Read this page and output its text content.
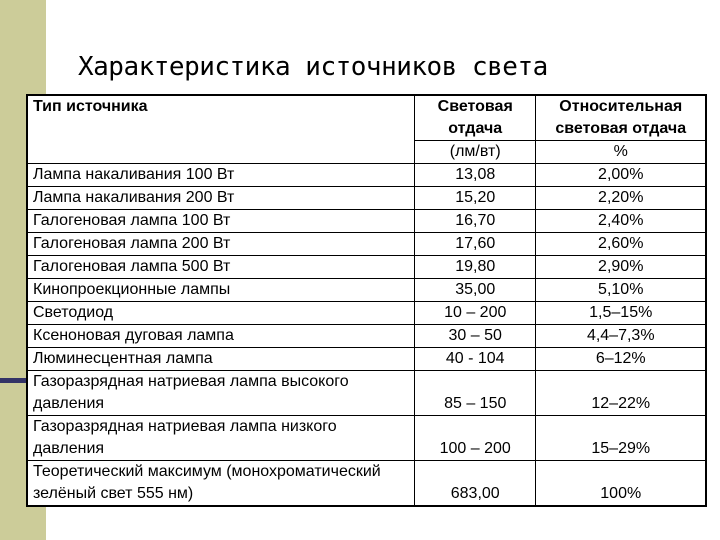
Характеристика источников света
Тип источника	Световая отдача	Относительная световая отдача
	(лм/вт)	%
Лампа накаливания 100 Вт	13,08	2,00%
Лампа накаливания 200 Вт	15,20	2,20%
Галогеновая лампа 100 Вт	16,70	2,40%
Галогеновая лампа 200 Вт	17,60	2,60%
Галогеновая лампа 500 Вт	19,80	2,90%
Кинопроекционные лампы	35,00	5,10%
Светодиод	10 – 200	1,5–15%
Ксеноновая дуговая лампа	30 – 50	4,4–7,3%
Люминесцентная лампа	40 - 104	6–12%
Газоразрядная натриевая лампа высокого давления	85 – 150	12–22%
Газоразрядная натриевая лампа низкого давления	100 – 200	15–29%
Теоретический максимум (монохроматический зелёный свет 555 нм)	683,00	100%
